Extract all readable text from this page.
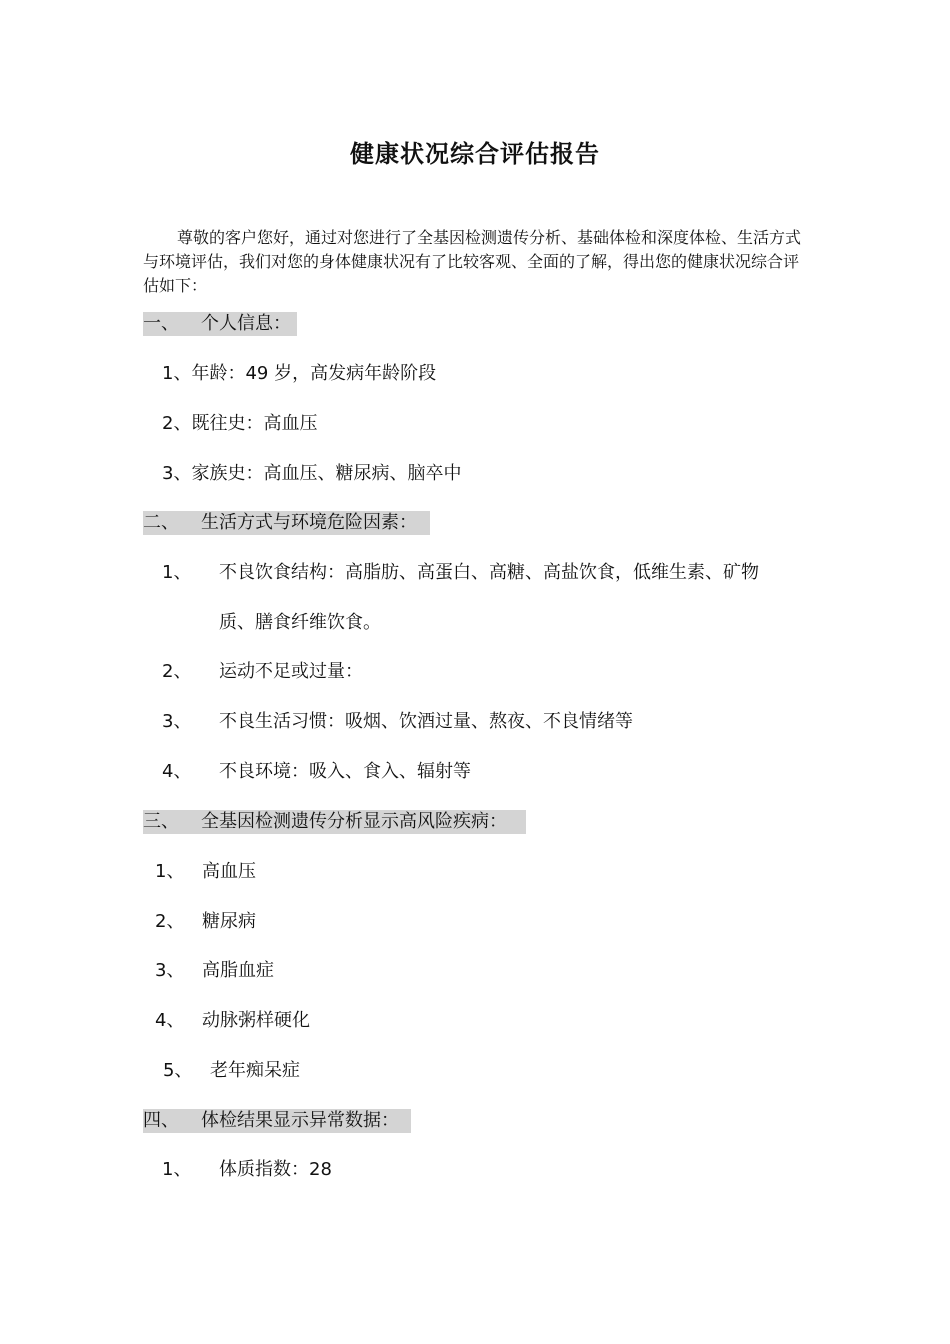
健康状况综合评估报告

尊敬的客户您好，通过对您进行了全基因检测遗传分析、基础体检和深度体检、生活方式与环境评估，我们对您的身体健康状况有了比较客观、全面的了解，得出您的健康状况综合评估如下：

一、 个人信息：
1、年龄：49 岁，高发病年龄阶段
2、既往史：高血压
3、家族史：高血压、糖尿病、脑卒中
二、 生活方式与环境危险因素：
1、 不良饮食结构：高脂肪、高蛋白、高糖、高盐饮食，低维生素、矿物
质、膳食纤维饮食。
2、 运动不足或过量：
3、 不良生活习惯：吸烟、饮酒过量、熬夜、不良情绪等
4、 不良环境：吸入、食入、辐射等
三、 全基因检测遗传分析显示高风险疾病：
1、 高血压
2、 糖尿病
3、 高脂血症
4、 动脉粥样硬化
5、 老年痴呆症
四、 体检结果显示异常数据：
1、 体质指数：28
